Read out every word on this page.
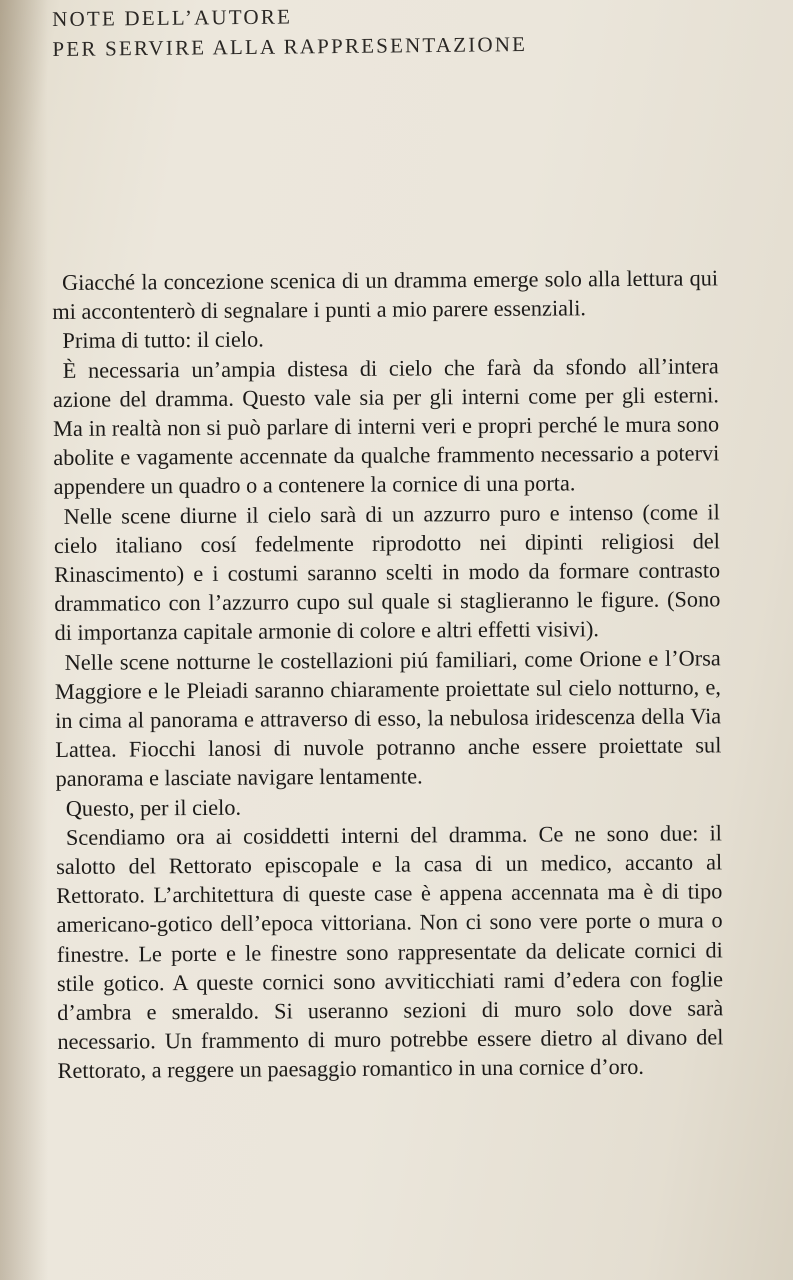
NOTE DELL’AUTORE
PER SERVIRE ALLA RAPPRESENTAZIONE

Giacché la concezione scenica di un dramma emerge solo alla lettura qui mi accontenterò di segnalare i punti a mio parere essenziali.

Prima di tutto: il cielo.

È necessaria un’ampia distesa di cielo che farà da sfondo all’intera azione del dramma. Questo vale sia per gli interni come per gli esterni. Ma in realtà non si può parlare di interni veri e propri perché le mura sono abolite e vagamente accennate da qualche frammento necessario a potervi appendere un quadro o a contenere la cornice di una porta.

Nelle scene diurne il cielo sarà di un azzurro puro e intenso (come il cielo italiano cosí fedelmente riprodotto nei dipinti religiosi del Rinascimento) e i costumi saranno scelti in modo da formare contrasto drammatico con l’azzurro cupo sul quale si staglieranno le figure. (Sono di importanza capitale armonie di colore e altri effetti visivi).

Nelle scene notturne le costellazioni piú familiari, come Orione e l’Orsa Maggiore e le Pleiadi saranno chiaramente proiettate sul cielo notturno, e, in cima al panorama e attraverso di esso, la nebulosa iridescenza della Via Lattea. Fiocchi lanosi di nuvole potranno anche essere proiettate sul panorama e lasciate navigare lentamente.

Questo, per il cielo.

Scendiamo ora ai cosiddetti interni del dramma. Ce ne sono due: il salotto del Rettorato episcopale e la casa di un medico, accanto al Rettorato. L’architettura di queste case è appena accennata ma è di tipo americano-gotico dell’epoca vittoriana. Non ci sono vere porte o mura o finestre. Le porte e le finestre sono rappresentate da delicate cornici di stile gotico. A queste cornici sono avviticchiati rami d’edera con foglie d’ambra e smeraldo. Si useranno sezioni di muro solo dove sarà necessario. Un frammento di muro potrebbe essere dietro al divano del Rettorato, a reggere un paesaggio romantico in una cornice d’oro.
